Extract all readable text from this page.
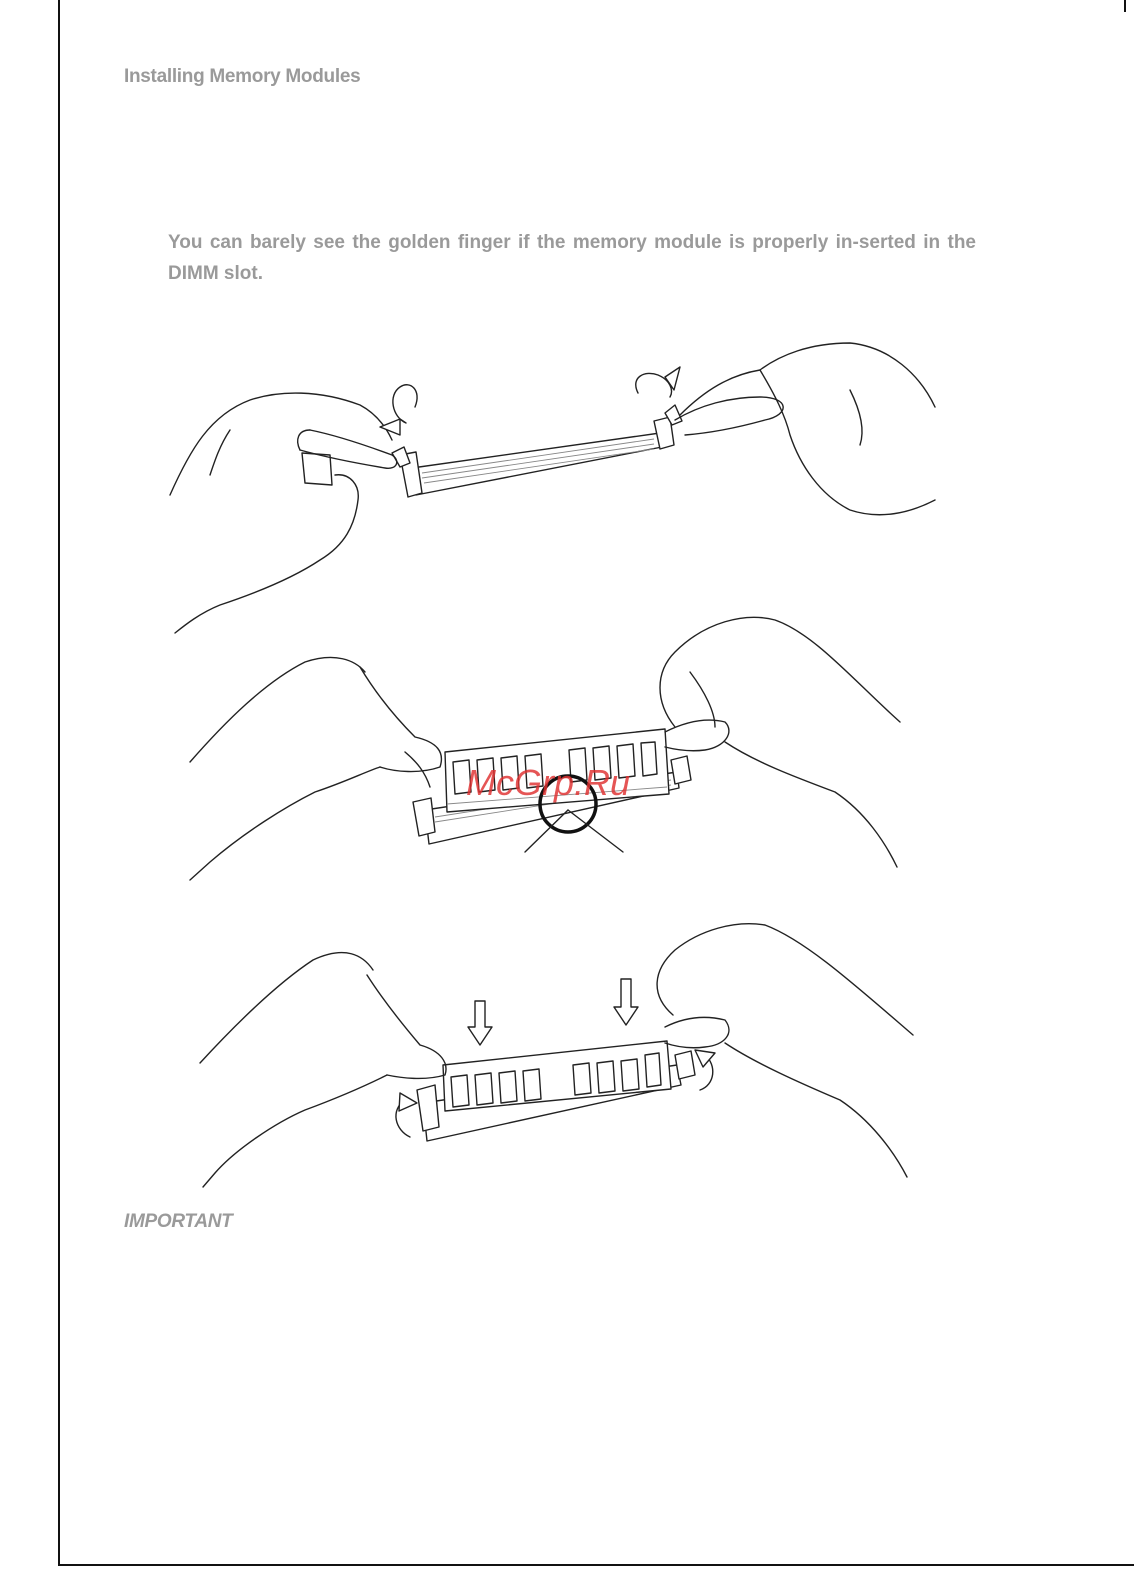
Installing Memory Modules

You can barely see the golden finger if the memory module is properly in-serted in the DIMM slot.

McGrp.Ru

IMPORTANT
